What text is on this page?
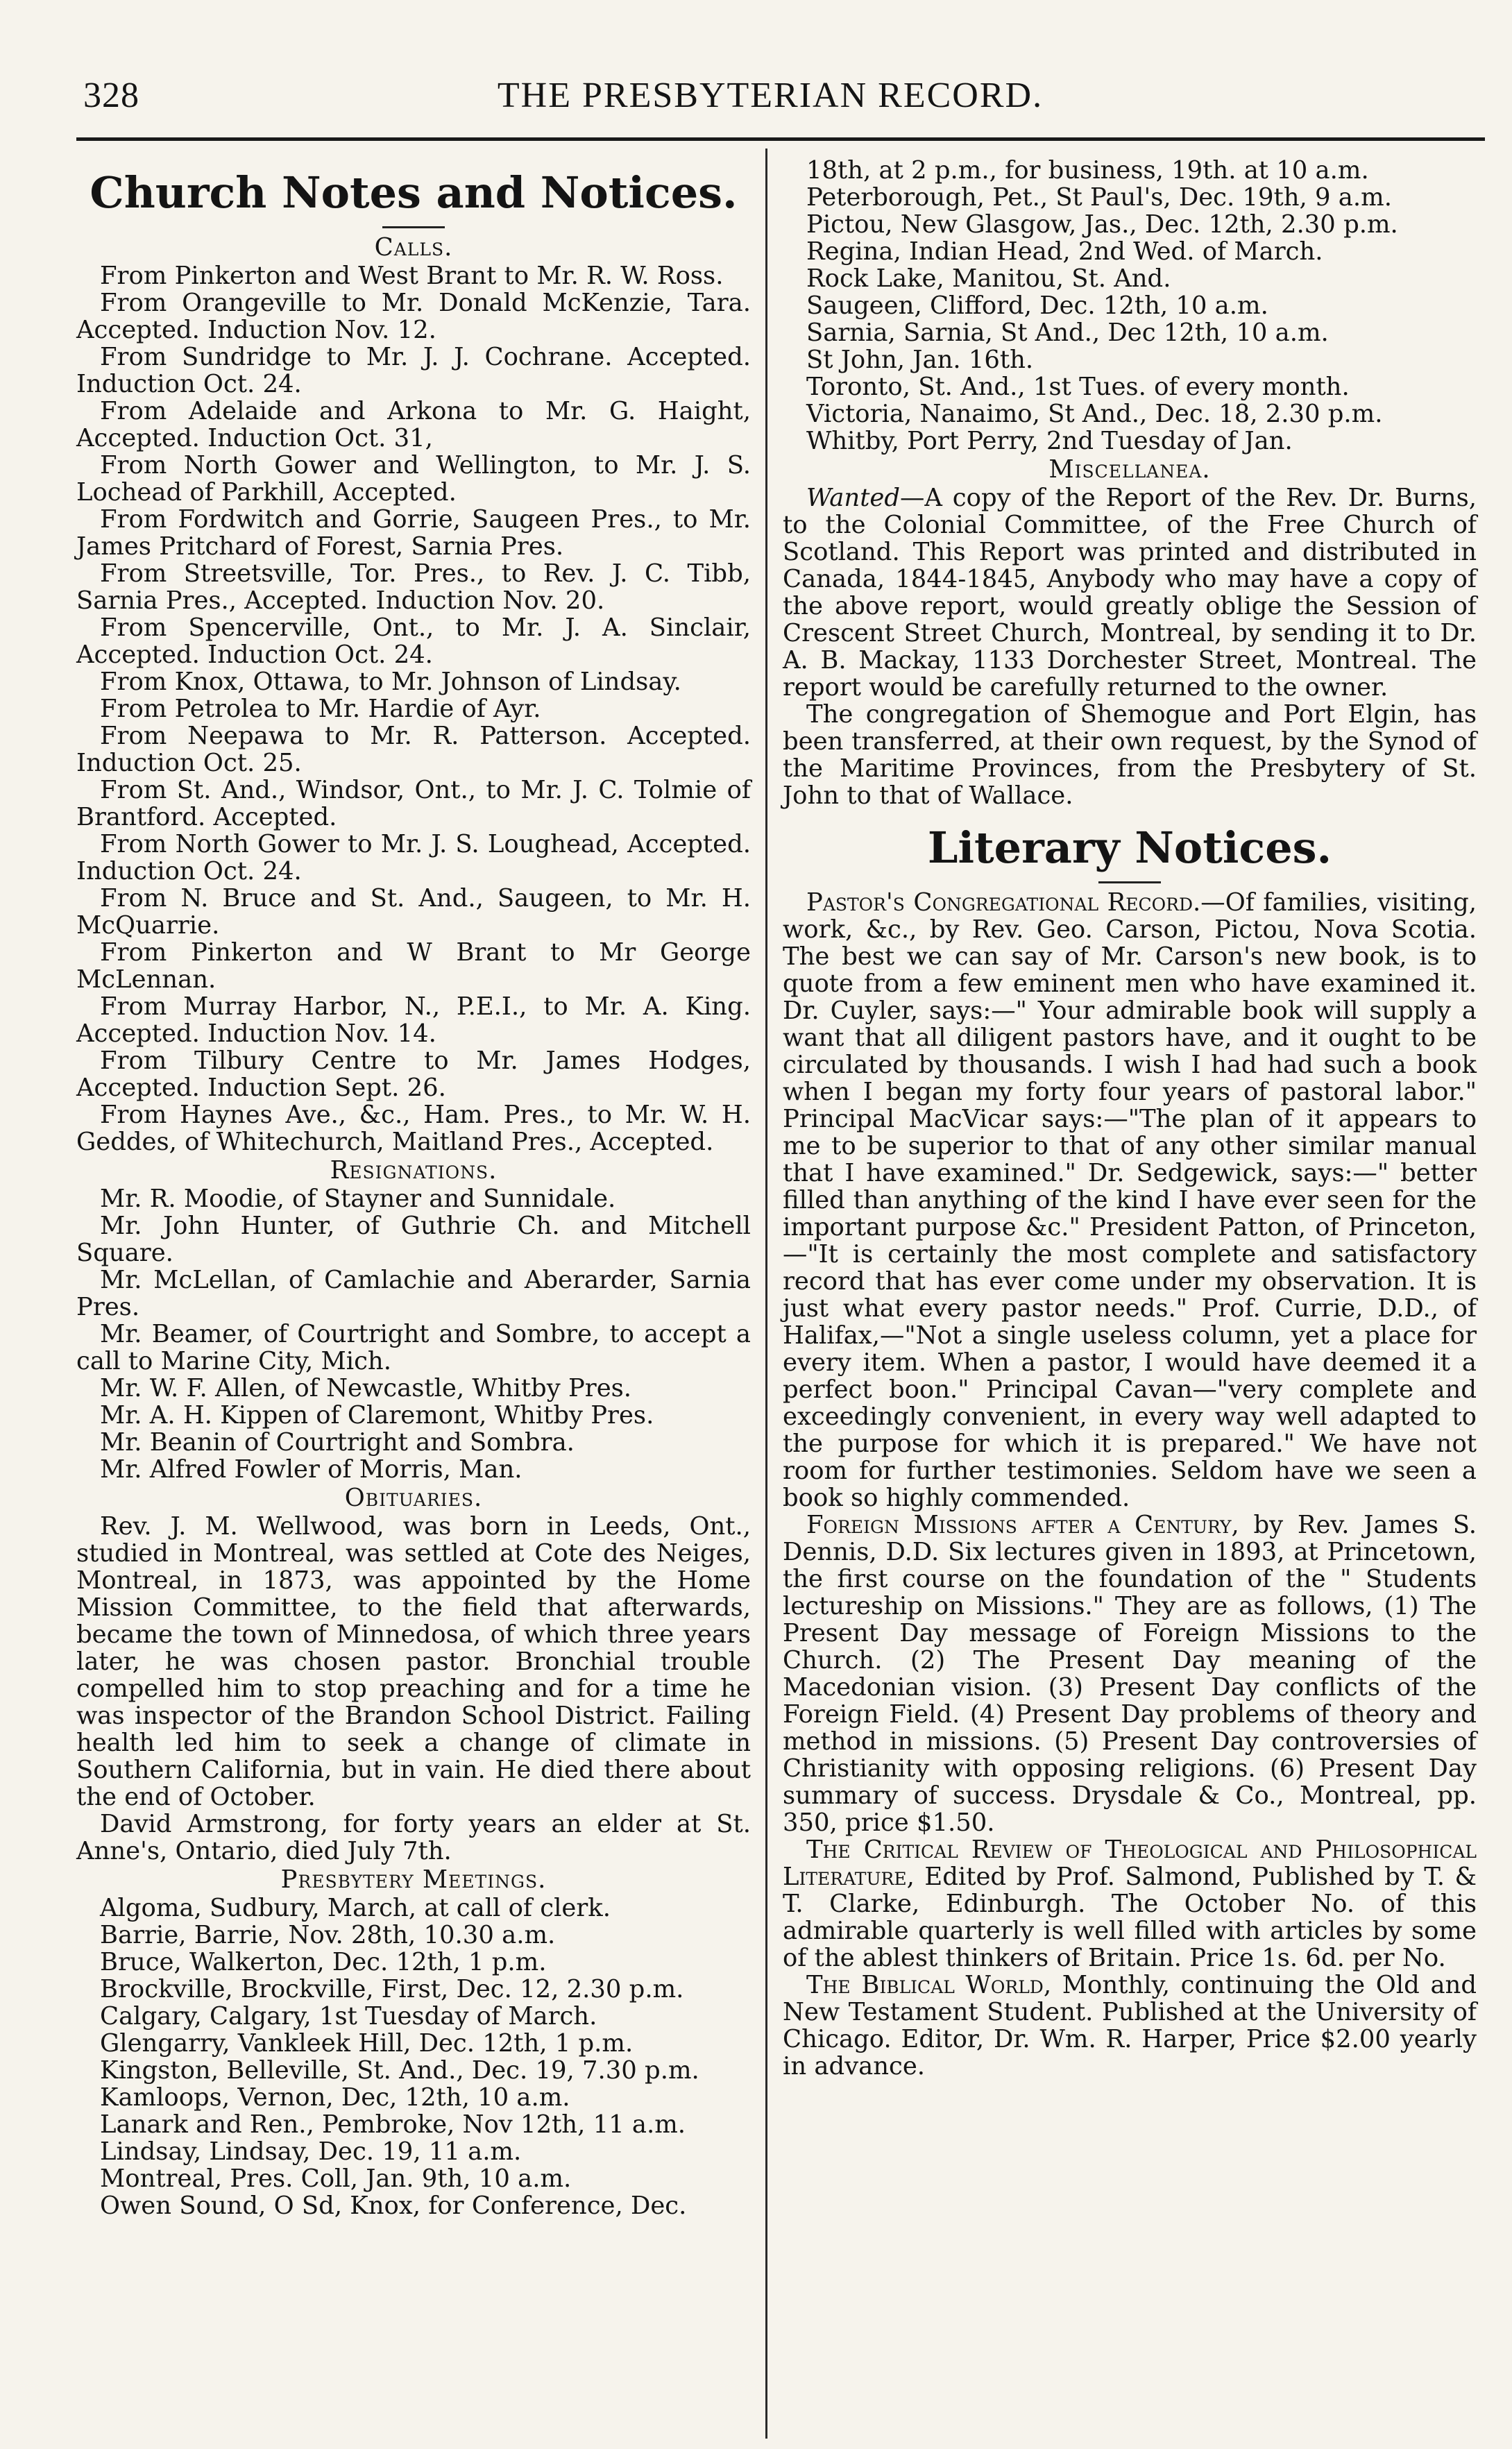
THE PRESBYTERIAN RECORD.
328
Church Notes and Notices.
Calls.

From Pinkerton and West Brant to Mr. R. W. Ross.

From Orangeville to Mr. Donald McKenzie, Tara. Accepted. Induction Nov. 12.

From Sundridge to Mr. J. J. Cochrane. Accepted. Induction Oct. 24.

From Adelaide and Arkona to Mr. G. Haight, Accepted. Induction Oct. 31,

From North Gower and Wellington, to Mr. J. S. Lochead of Parkhill, Accepted.

From Fordwitch and Gorrie, Saugeen Pres., to Mr. James Pritchard of Forest, Sarnia Pres.

From Streetsville, Tor. Pres., to Rev. J. C. Tibb, Sarnia Pres., Accepted. Induction Nov. 20.

From Spencerville, Ont., to Mr. J. A. Sinclair, Accepted. Induction Oct. 24.

From Knox, Ottawa, to Mr. Johnson of Lindsay.

From Petrolea to Mr. Hardie of Ayr.

From Neepawa to Mr. R. Patterson. Accepted. Induction Oct. 25.

From St. And., Windsor, Ont., to Mr. J. C. Tolmie of Brantford. Accepted.

From North Gower to Mr. J. S. Loughead, Accepted. Induction Oct. 24.

From N. Bruce and St. And., Saugeen, to Mr. H. McQuarrie.

From Pinkerton and W Brant to Mr George McLennan.

From Murray Harbor, N., P.E.I., to Mr. A. King. Accepted. Induction Nov. 14.

From Tilbury Centre to Mr. James Hodges, Accepted. Induction Sept. 26.

From Haynes Ave., &c., Ham. Pres., to Mr. W. H. Geddes, of Whitechurch, Maitland Pres., Accepted.

Resignations.

Mr. R. Moodie, of Stayner and Sunnidale.

Mr. John Hunter, of Guthrie Ch. and Mitchell Square.

Mr. McLellan, of Camlachie and Aberarder, Sarnia Pres.

Mr. Beamer, of Courtright and Sombre, to accept a call to Marine City, Mich.

Mr. W. F. Allen, of Newcastle, Whitby Pres.

Mr. A. H. Kippen of Claremont, Whitby Pres.

Mr. Beanin of Courtright and Sombra.

Mr. Alfred Fowler of Morris, Man.

Obituaries.

Rev. J. M. Wellwood, was born in Leeds, Ont., studied in Montreal, was settled at Cote des Neiges, Montreal, in 1873, was appointed by the Home Mission Committee, to the field that afterwards, became the town of Minnedosa, of which three years later, he was chosen pastor. Bronchial trouble compelled him to stop preaching and for a time he was inspector of the Brandon School District. Failing health led him to seek a change of climate in Southern California, but in vain. He died there about the end of October.

David Armstrong, for forty years an elder at St. Anne's, Ontario, died July 7th.

Presbytery Meetings.

Algoma, Sudbury, March, at call of clerk.

Barrie, Barrie, Nov. 28th, 10.30 a.m.

Bruce, Walkerton, Dec. 12th, 1 p.m.

Brockville, Brockville, First, Dec. 12, 2.30 p.m.

Calgary, Calgary, 1st Tuesday of March.

Glengarry, Vankleek Hill, Dec. 12th, 1 p.m.

Kingston, Belleville, St. And., Dec. 19, 7.30 p.m.

Kamloops, Vernon, Dec, 12th, 10 a.m.

Lanark and Ren., Pembroke, Nov 12th, 11 a.m.

Lindsay, Lindsay, Dec. 19, 11 a.m.

Montreal, Pres. Coll, Jan. 9th, 10 a.m.

Owen Sound, O Sd, Knox, for Conference, Dec.

18th, at 2 p.m., for business, 19th. at 10 a.m.

Peterborough, Pet., St Paul's, Dec. 19th, 9 a.m.

Pictou, New Glasgow, Jas., Dec. 12th, 2.30 p.m.

Regina, Indian Head, 2nd Wed. of March.

Rock Lake, Manitou, St. And.

Saugeen, Clifford, Dec. 12th, 10 a.m.

Sarnia, Sarnia, St And., Dec 12th, 10 a.m.

St John, Jan. 16th.

Toronto, St. And., 1st Tues. of every month.

Victoria, Nanaimo, St And., Dec. 18, 2.30 p.m.

Whitby, Port Perry, 2nd Tuesday of Jan.

Miscellanea.

Wanted—A copy of the Report of the Rev. Dr. Burns, to the Colonial Committee, of the Free Church of Scotland. This Report was printed and distributed in Canada, 1844-1845, Anybody who may have a copy of the above report, would greatly oblige the Session of Crescent Street Church, Montreal, by sending it to Dr. A. B. Mackay, 1133 Dorchester Street, Montreal. The report would be carefully returned to the owner.

The congregation of Shemogue and Port Elgin, has been transferred, at their own request, by the Synod of the Maritime Provinces, from the Presbytery of St. John to that of Wallace.

Literary Notices.

Pastor's Congregational Record.—Of families, visiting, work, &c., by Rev. Geo. Carson, Pictou, Nova Scotia. The best we can say of Mr. Carson's new book, is to quote from a few eminent men who have examined it. Dr. Cuyler, says:—" Your admirable book will supply a want that all diligent pastors have, and it ought to be circulated by thousands. I wish I had had such a book when I began my forty four years of pastoral labor." Principal MacVicar says:—"The plan of it appears to me to be superior to that of any other similar manual that I have examined." Dr. Sedgewick, says:—" better filled than anything of the kind I have ever seen for the important purpose &c." President Patton, of Princeton,—"It is certainly the most complete and satisfactory record that has ever come under my observation. It is just what every pastor needs." Prof. Currie, D.D., of Halifax,—"Not a single useless column, yet a place for every item. When a pastor, I would have deemed it a perfect boon." Principal Cavan—"very complete and exceedingly convenient, in every way well adapted to the purpose for which it is prepared." We have not room for further testimonies. Seldom have we seen a book so highly commended.

Foreign Missions after a Century, by Rev. James S. Dennis, D.D. Six lectures given in 1893, at Princetown, the first course on the foundation of the " Students lectureship on Missions." They are as follows, (1) The Present Day message of Foreign Missions to the Church. (2) The Present Day meaning of the Macedonian vision. (3) Present Day conflicts of the Foreign Field. (4) Present Day problems of theory and method in missions. (5) Present Day controversies of Christianity with opposing religions. (6) Present Day summary of success. Drysdale & Co., Montreal, pp. 350, price $1.50.

The Critical Review of Theological and Philosophical Literature, Edited by Prof. Salmond, Published by T. & T. Clarke, Edinburgh. The October No. of this admirable quarterly is well filled with articles by some of the ablest thinkers of Britain. Price 1s. 6d. per No.

The Biblical World, Monthly, continuing the Old and New Testament Student. Published at the University of Chicago. Editor, Dr. Wm. R. Harper, Price $2.00 yearly in advance.
